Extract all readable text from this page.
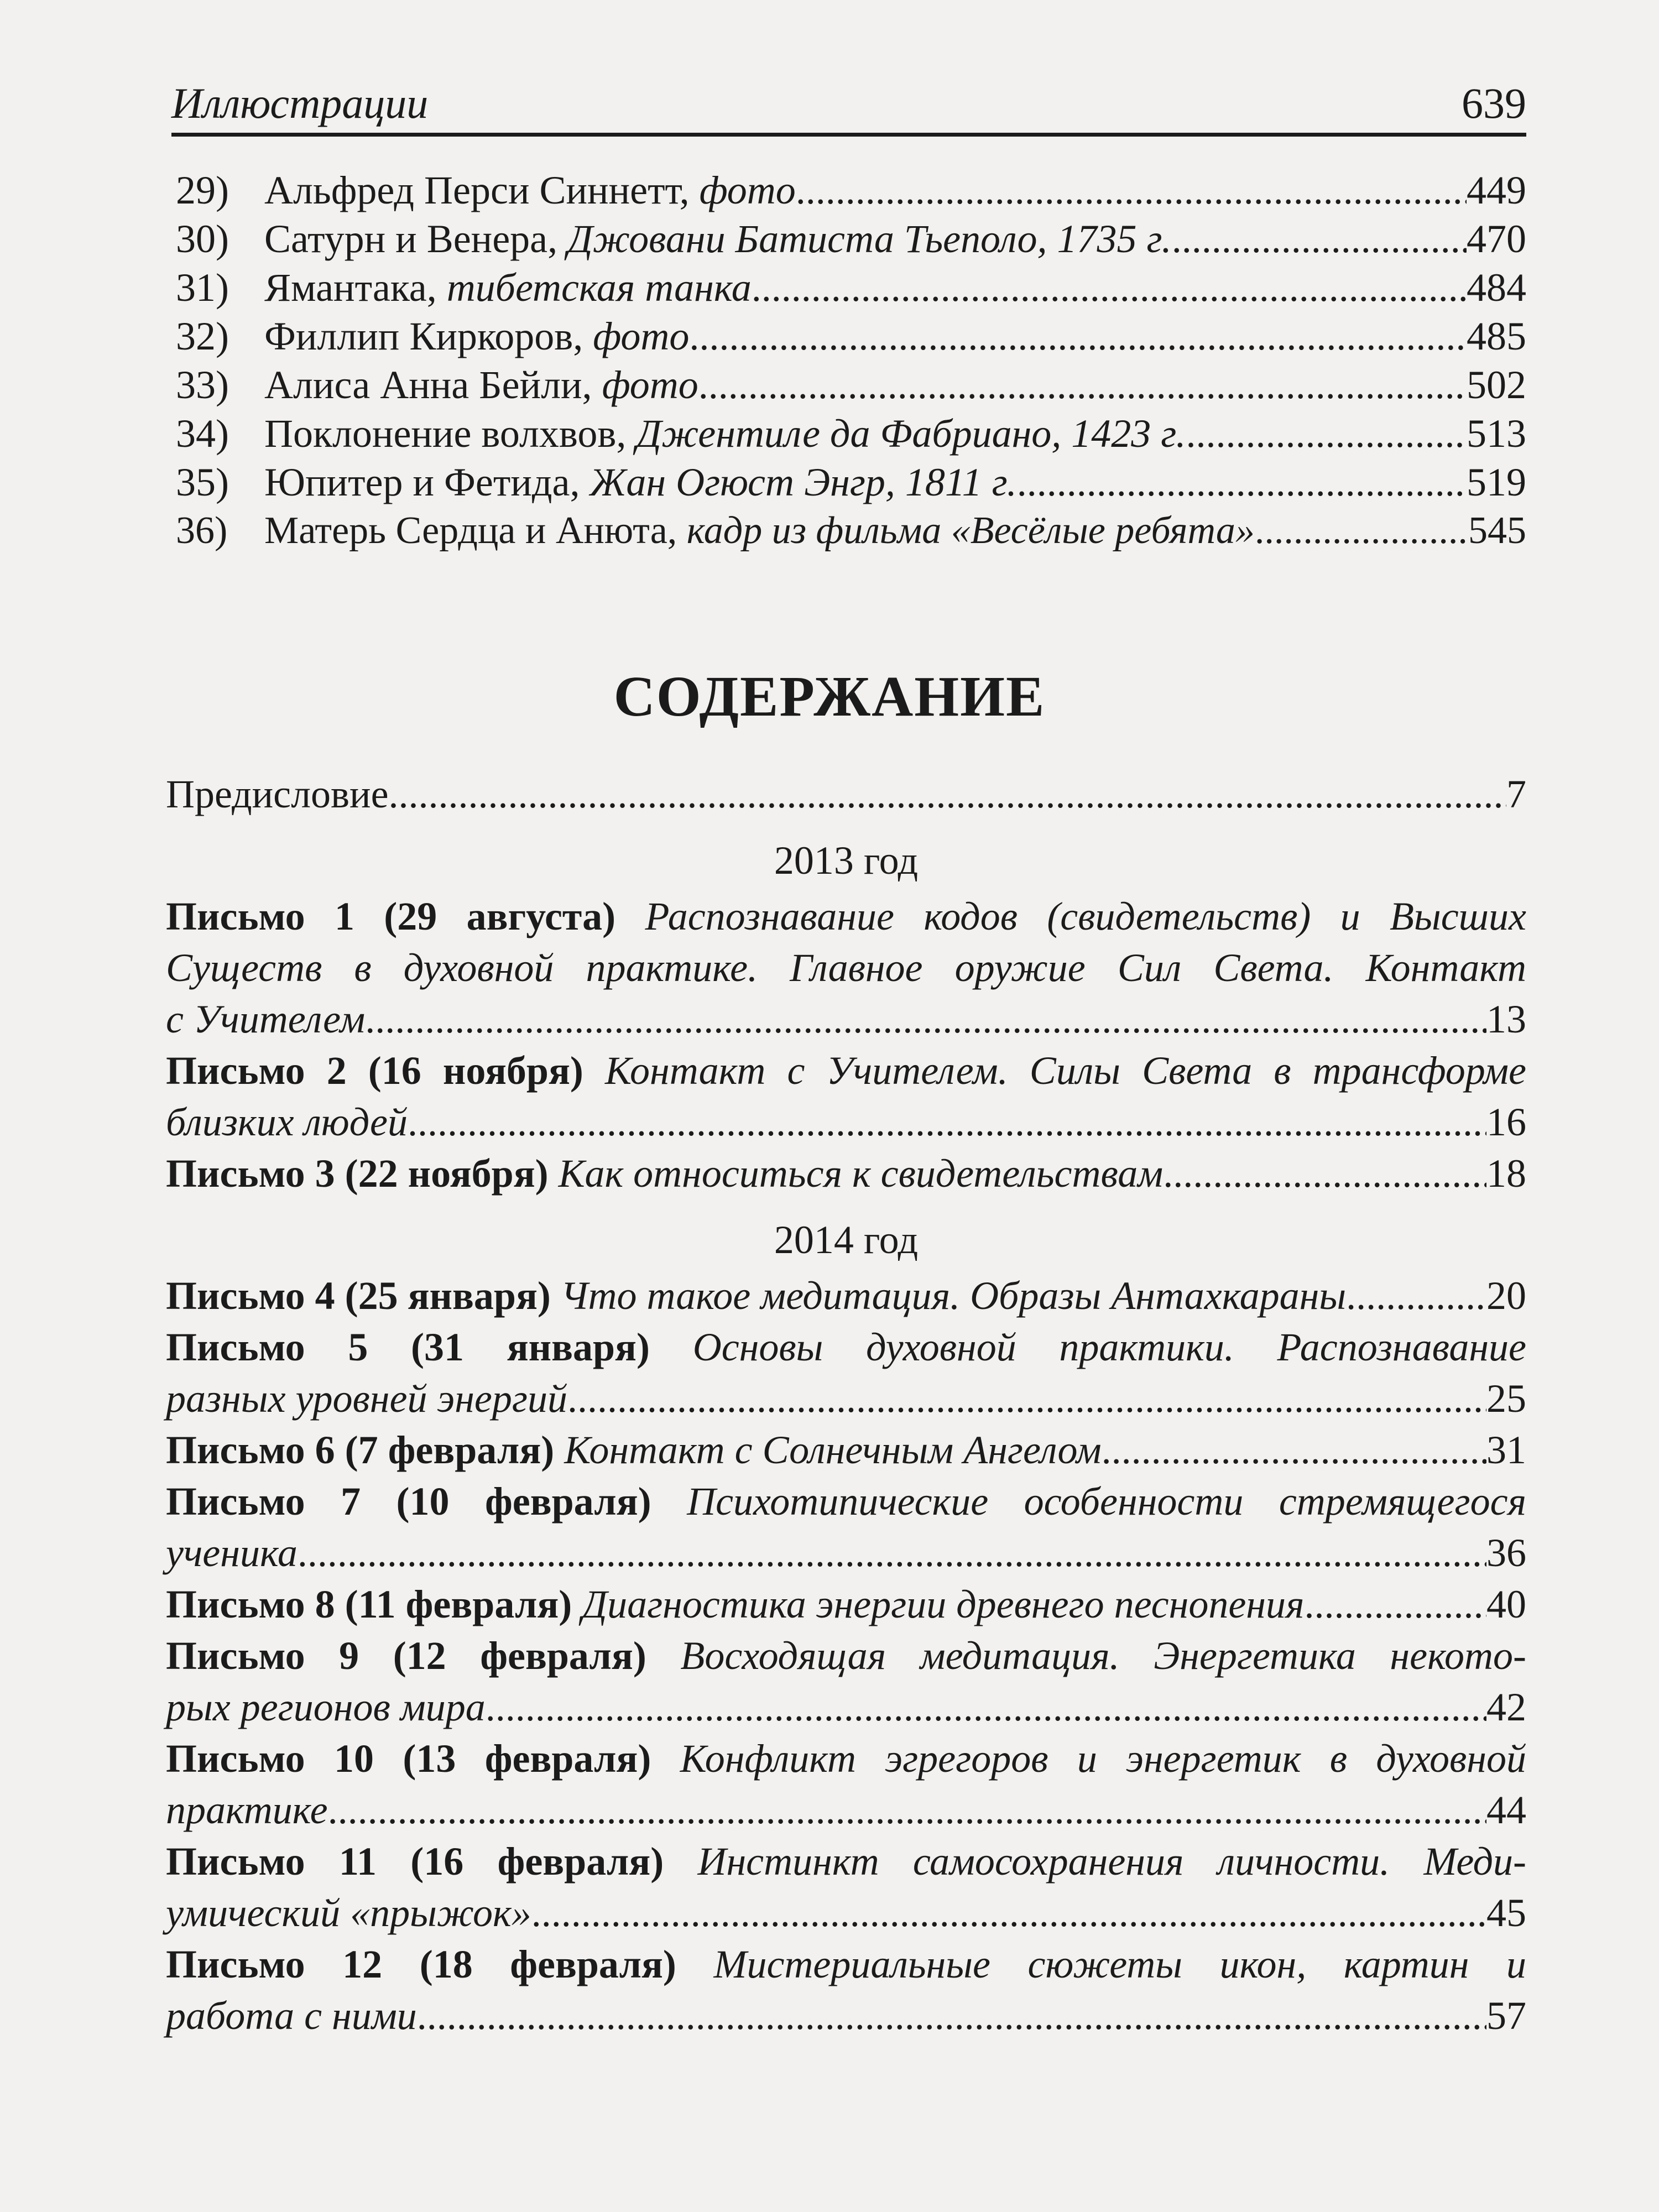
Иллюстрации	639
29) Альфред Перси Синнетт, фото .....	449
30) Сатурн и Венера, Джовани Батиста Тьеполо, 1735 г. .....	470
31) Ямантака, тибетская танка .....	484
32) Филлип Киркоров, фото .....	485
33) Алиса Анна Бейли, фото .....	502
34) Поклонение волхвов, Джентиле да Фабриано, 1423 г. .....	513
35) Юпитер и Фетида, Жан Огюст Энгр, 1811 г. .....	519
36) Матерь Сердца и Анюта, кадр из фильма «Весёлые ребята» .....	545
СОДЕРЖАНИЕ
Предисловие .....	7
2013 год
Письмо 1 (29 августа) Распознавание кодов (свидетельств) и Высших
Существ в духовной практике. Главное оружие Сил Света. Контакт
с Учителем .....	13
Письмо 2 (16 ноября) Контакт с Учителем. Силы Света в трансформе
близких людей .....	16
Письмо 3 (22 ноября)
Как относиться к свидетельствам .....	18
2014 год
Письмо 4 (25 января)
Что такое медитация. Образы Антахкараны .....	20
Письмо 5 (31 января) Основы духовной практики. Распознавание
разных уровней энергий .....	25
Письмо 6 (7 февраля)
Контакт с Солнечным Ангелом .....	31
Письмо 7 (10 февраля) Психотипические особенности стремящегося
ученика .....	36
Письмо 8 (11 февраля)
Диагностика энергии древнего песнопения .....	40
Письмо 9 (12 февраля) Восходящая медитация. Энергетика некото-
рых регионов мира .....	42
Письмо 10 (13 февраля) Конфликт эгрегоров и энергетик в духовной
практике .....	44
Письмо 11 (16 февраля) Инстинкт самосохранения личности. Меди-
умический «прыжок» .....	45
Письмо 12 (18 февраля) Мистериальные сюжеты икон, картин и
работа с ними .....	57
